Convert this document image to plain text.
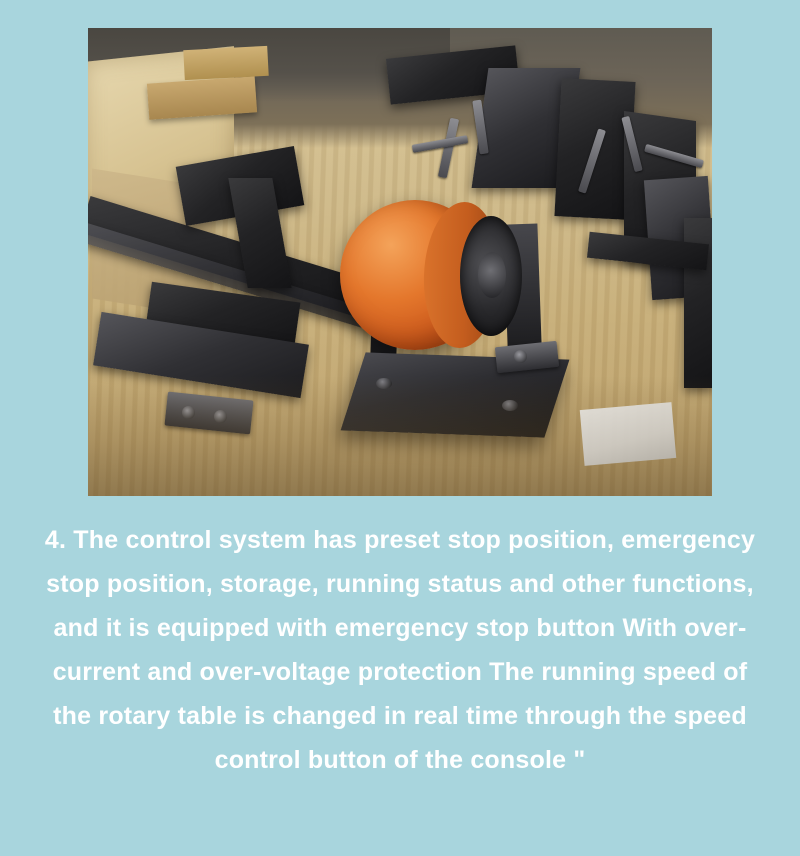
4. The control system has preset stop position, emergency stop position, storage, running status and other functions, and it is equipped with emergency stop button With over-current and over-voltage protection The running speed of the rotary table is changed in real time through the speed control button of the console "
